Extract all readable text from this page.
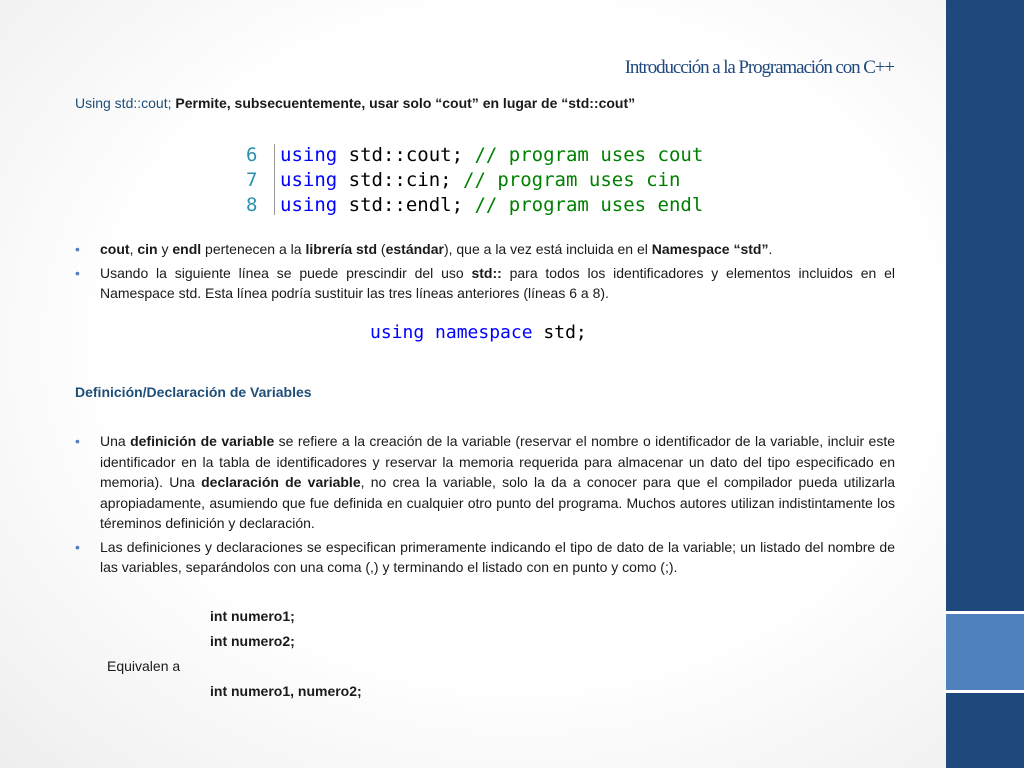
Introducción a la Programación con C++
Using std::cout; Permite, subsecuentemente, usar solo “cout” en lugar de “std::cout”
6	using std::cout; // program uses cout
7	using std::cin; // program uses cin
8	using std::endl; // program uses endl
• cout, cin y endl pertenecen a la librería std (estándar), que a la vez está incluida en el Namespace “std”.
• Usando la siguiente línea se puede prescindir del uso std:: para todos los identificadores y elementos incluidos en el Namespace std. Esta línea podría sustituir las tres líneas anteriores (líneas 6 a 8).
using namespace std;
Definición/Declaración de Variables
• Una definición de variable se refiere a la creación de la variable (reservar el nombre o identificador de la variable, incluir este identificador en la tabla de identificadores y reservar la memoria requerida para almacenar un dato del tipo especificado en memoria). Una declaración de variable, no crea la variable, solo la da a conocer para que el compilador pueda utilizarla apropiadamente, asumiendo que fue definida en cualquier otro punto del programa. Muchos autores utilizan indistintamente los téreminos definición y declaración.
• Las definiciones y declaraciones se especifican primeramente indicando el tipo de dato de la variable; un listado del nombre de las variables, separándolos con una coma (,) y terminando el listado con en punto y como (;).
int numero1;
int numero2;
Equivalen a
int numero1, numero2;
